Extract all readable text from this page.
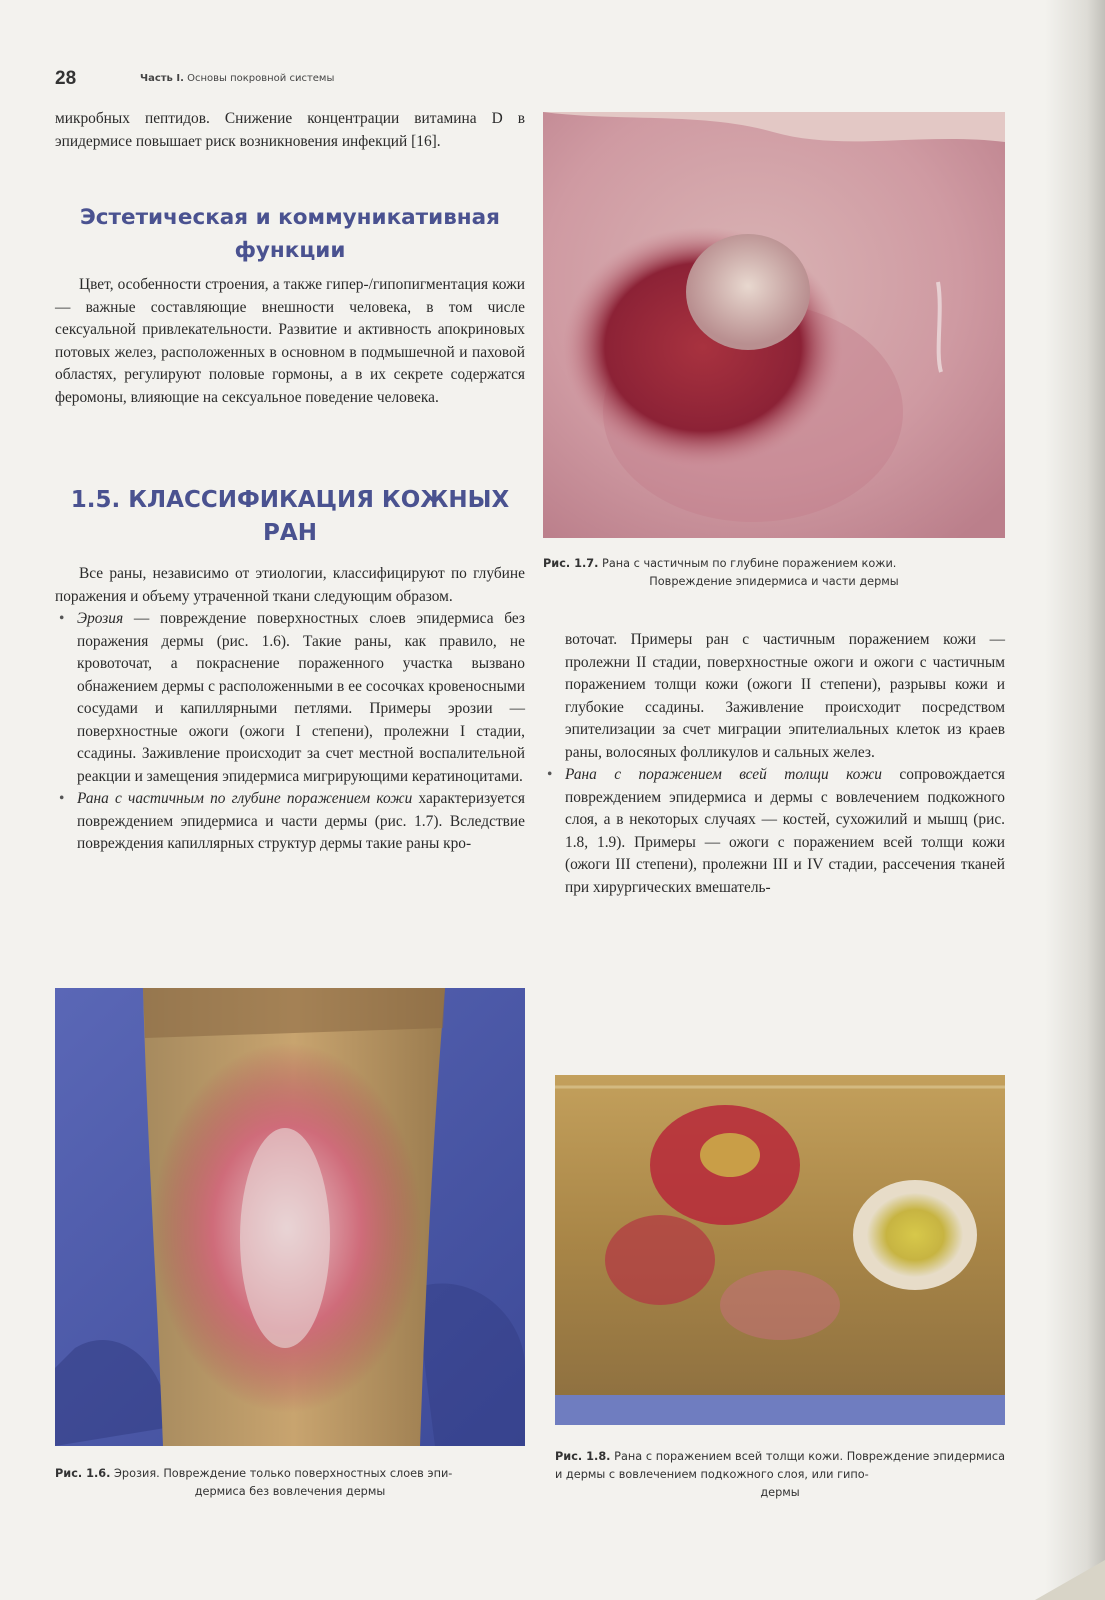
28	Часть I. Основы покровной системы

микробных пептидов. Снижение концентрации витамина D в эпидермисе повышает риск возникновения инфекций [16].

Эстетическая и коммуникативная функции

Цвет, особенности строения, а также гипер-/гипопигментация кожи — важные составляющие внешности человека, в том числе сексуальной привлекательности. Развитие и активность апокриновых потовых желез, расположенных в основном в подмышечной и паховой областях, регулируют половые гормоны, а в их секрете содержатся феромоны, влияющие на сексуальное поведение человека.

1.5. КЛАССИФИКАЦИЯ КОЖНЫХ РАН

Все раны, независимо от этиологии, классифицируют по глубине поражения и объему утраченной ткани следующим образом.

• Эрозия — повреждение поверхностных слоев эпидермиса без поражения дермы (рис. 1.6). Такие раны, как правило, не кровоточат, а покраснение пораженного участка вызвано обнажением дермы с расположенными в ее сосочках кровеносными сосудами и капиллярными петлями. Примеры эрозии — поверхностные ожоги (ожоги I степени), пролежни I стадии, ссадины. Заживление происходит за счет местной воспалительной реакции и замещения эпидермиса мигрирующими кератиноцитами.
• Рана с частичным по глубине поражением кожи характеризуется повреждением эпидермиса и части дермы (рис. 1.7). Вследствие повреждения капиллярных структур дермы такие раны кро-
Рис. 1.7. Рана с частичным по глубине поражением кожи.
Повреждение эпидермиса и части дермы

воточат. Примеры ран с частичным поражением кожи — пролежни II стадии, поверхностные ожоги и ожоги с частичным поражением толщи кожи (ожоги II степени), разрывы кожи и глубокие ссадины. Заживление происходит посредством эпителизации за счет миграции эпителиальных клеток из краев раны, волосяных фолликулов и сальных желез.

• Рана с поражением всей толщи кожи сопровождается повреждением эпидермиса и дермы с вовлечением подкожного слоя, а в некоторых случаях — костей, сухожилий и мышц (рис. 1.8, 1.9). Примеры — ожоги с поражением всей толщи кожи (ожоги III степени), пролежни III и IV стадии, рассечения тканей при хирургических вмешатель-
Рис. 1.6. Эрозия. Повреждение только поверхностных слоев эпи-
дермиса без вовлечения дермы
Рис. 1.8. Рана с поражением всей толщи кожи. Повреждение эпидермиса и дермы с вовлечением подкожного слоя, или гипо-
дермы
